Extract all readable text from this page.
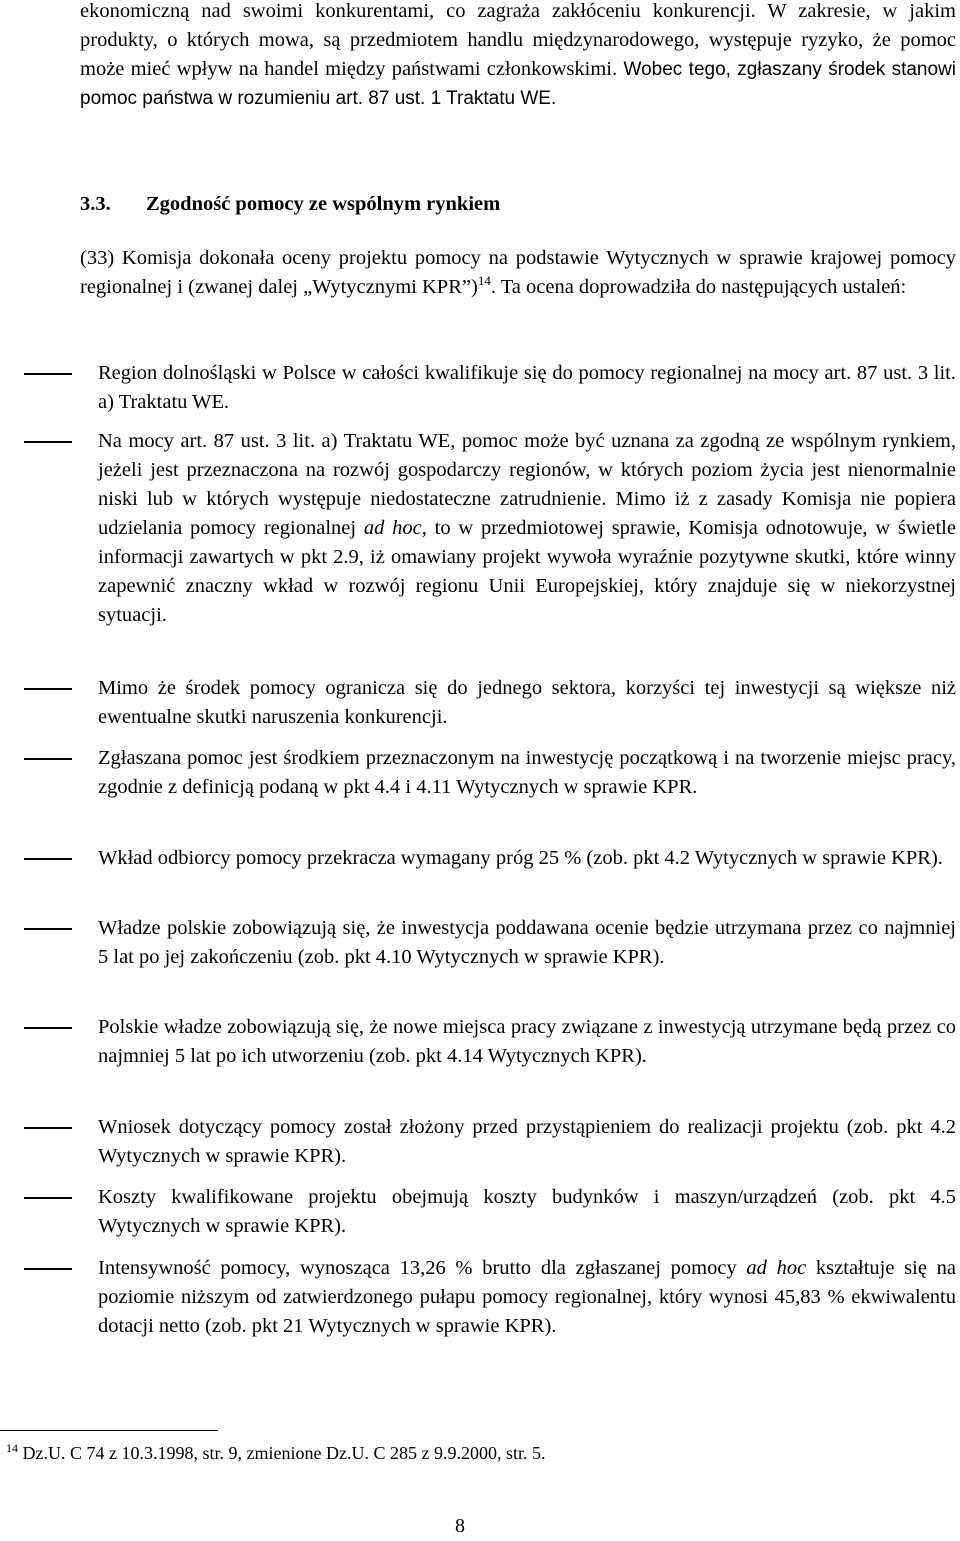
ekonomiczną nad swoimi konkurentami, co zagraża zakłóceniu konkurencji. W zakresie, w jakim produkty, o których mowa, są przedmiotem handlu międzynarodowego, występuje ryzyko, że pomoc może mieć wpływ na handel między państwami członkowskimi. Wobec tego, zgłaszany środek stanowi pomoc państwa w rozumieniu art. 87 ust. 1 Traktatu WE.

3.3. Zgodność pomocy ze wspólnym rynkiem
(33) Komisja dokonała oceny projektu pomocy na podstawie Wytycznych w sprawie krajowej pomocy regionalnej i (zwanej dalej „Wytycznymi KPR”)$^{14}$. Ta ocena doprowadziła do następujących ustaleń:
Region dolnośląski w Polsce w całości kwalifikuje się do pomocy regionalnej na mocy art. 87 ust. 3 lit. a) Traktatu WE.
Na mocy art. 87 ust. 3 lit. a) Traktatu WE, pomoc może być uznana za zgodną ze wspólnym rynkiem, jeżeli jest przeznaczona na rozwój gospodarczy regionów, w których poziom życia jest nienormalnie niski lub w których występuje niedostateczne zatrudnienie. Mimo iż z zasady Komisja nie popiera udzielania pomocy regionalnej ad hoc, to w przedmiotowej sprawie, Komisja odnotowuje, w świetle informacji zawartych w pkt 2.9, iż omawiany projekt wywoła wyraźnie pozytywne skutki, które winny zapewnić znaczny wkład w rozwój regionu Unii Europejskiej, który znajduje się w niekorzystnej sytuacji.
Mimo że środek pomocy ogranicza się do jednego sektora, korzyści tej inwestycji są większe niż ewentualne skutki naruszenia konkurencji.
Zgłaszana pomoc jest środkiem przeznaczonym na inwestycję początkową i na tworzenie miejsc pracy, zgodnie z definicją podaną w pkt 4.4 i 4.11 Wytycznych w sprawie KPR.
Wkład odbiorcy pomocy przekracza wymagany próg 25 % (zob. pkt 4.2 Wytycznych w sprawie KPR).
Władze polskie zobowiązują się, że inwestycja poddawana ocenie będzie utrzymana przez co najmniej 5 lat po jej zakończeniu (zob. pkt 4.10 Wytycznych w sprawie KPR).
Polskie władze zobowiązują się, że nowe miejsca pracy związane z inwestycją utrzymane będą przez co najmniej 5 lat po ich utworzeniu (zob. pkt 4.14 Wytycznych KPR).
Wniosek dotyczący pomocy został złożony przed przystąpieniem do realizacji projektu (zob. pkt 4.2 Wytycznych w sprawie KPR).
Koszty kwalifikowane projektu obejmują koszty budynków i maszyn/urządzeń (zob. pkt 4.5 Wytycznych w sprawie KPR).
Intensywność pomocy, wynosząca 13,26 % brutto dla zgłaszanej pomocy ad hoc kształtuje się na poziomie niższym od zatwierdzonego pułapu pomocy regionalnej, który wynosi 45,83 % ekwiwalentu dotacji netto (zob. pkt 21 Wytycznych w sprawie KPR).
$^{14}$ Dz.U. C 74 z 10.3.1998, str. 9, zmienione Dz.U. C 285 z 9.9.2000, str. 5.
8
